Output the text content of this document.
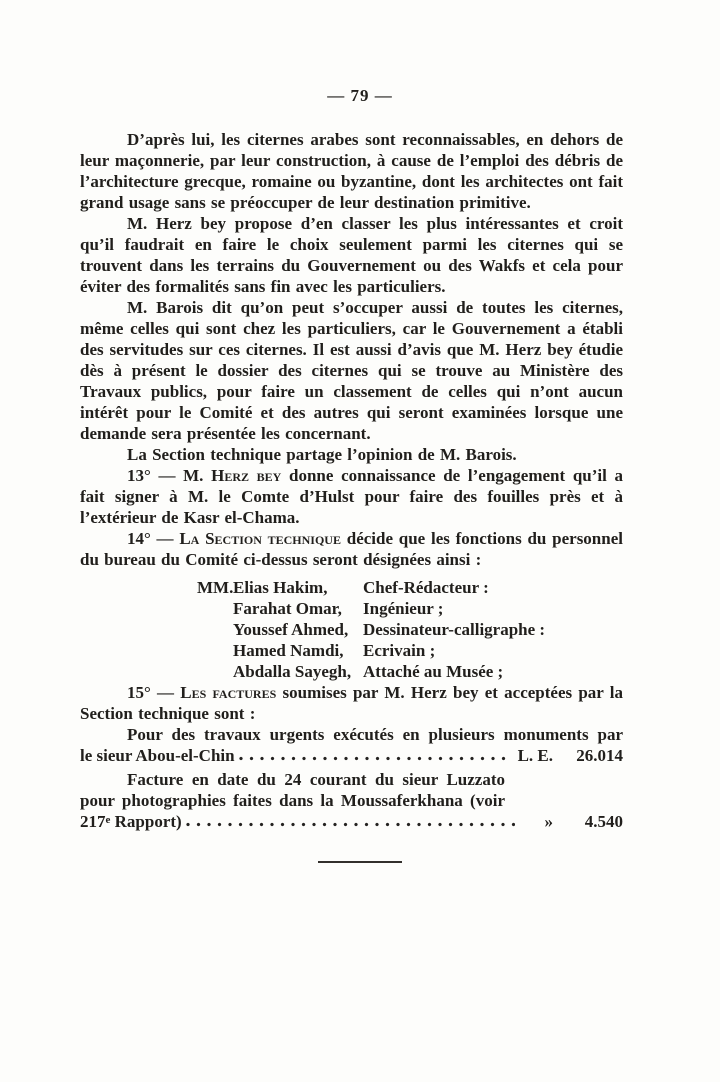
— 79 —

D’après lui, les citernes arabes sont reconnaissables, en dehors de leur maçonnerie, par leur construction, à cause de l’emploi des débris de l’architecture grecque, romaine ou byzantine, dont les architectes ont fait grand usage sans se préoccuper de leur destination primitive.

M. Herz bey propose d’en classer les plus intéressantes et croit qu’il faudrait en faire le choix seulement parmi les citernes qui se trouvent dans les terrains du Gouvernement ou des Wakfs et cela pour éviter des formalités sans fin avec les particuliers.

M. Barois dit qu’on peut s’occuper aussi de toutes les citernes, même celles qui sont chez les particuliers, car le Gouvernement a établi des servitudes sur ces citernes. Il est aussi d’avis que M. Herz bey étudie dès à présent le dossier des citernes qui se trouve au Ministère des Travaux publics, pour faire un classement de celles qui n’ont aucun intérêt pour le Comité et des autres qui seront examinées lorsque une demande sera présentée les concernant.

La Section technique partage l’opinion de M. Barois.

13° — M. Herz bey donne connaissance de l’engagement qu’il a fait signer à M. le Comte d’Hulst pour faire des fouilles près et à l’extérieur de Kasr el-Chama.

14° — La Section technique décide que les fonctions du personnel du bureau du Comité ci-dessus seront désignées ainsi :

MM. Elias Hakim,	Chef-Rédacteur :
Farahat Omar,	Ingénieur ;
Youssef Ahmed, Dessinateur-calligraphe :
Hamed Namdi,	Ecrivain ;
Abdalla Sayegh, Attaché au Musée ;

15° — Les factures soumises par M. Herz bey et acceptées par la Section technique sont :

Pour des travaux urgents exécutés en plusieurs monuments par
le sieur Abou-el-Chin	L. E.	26.014
Facture en date du 24 courant du sieur Luzzato
pour photographies faites dans la Moussaferkhana (voir
217e Rapport)	»	4.540
